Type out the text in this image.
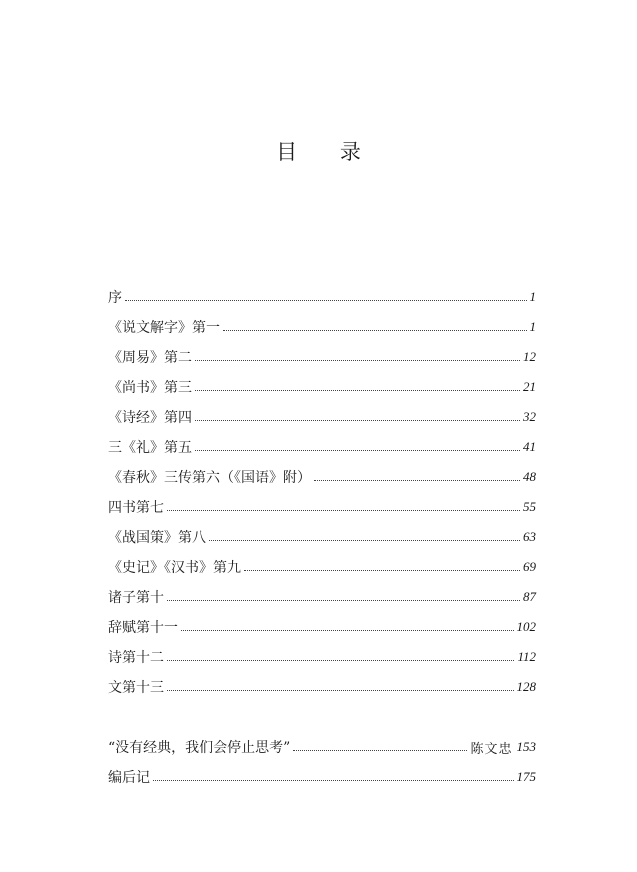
目 录
序	1
《说文解字》第一	1
《周易》第二	12
《尚书》第三	21
《诗经》第四	32
三《礼》第五	41
《春秋》三传第六（《国语》附）	48
四书第七	55
《战国策》第八	63
《史记》《汉书》第九	69
诸子第十	87
辞赋第十一	102
诗第十二	112
文第十三	128
“没有经典，我们会停止思考”	陈文忠 153
编后记	175
